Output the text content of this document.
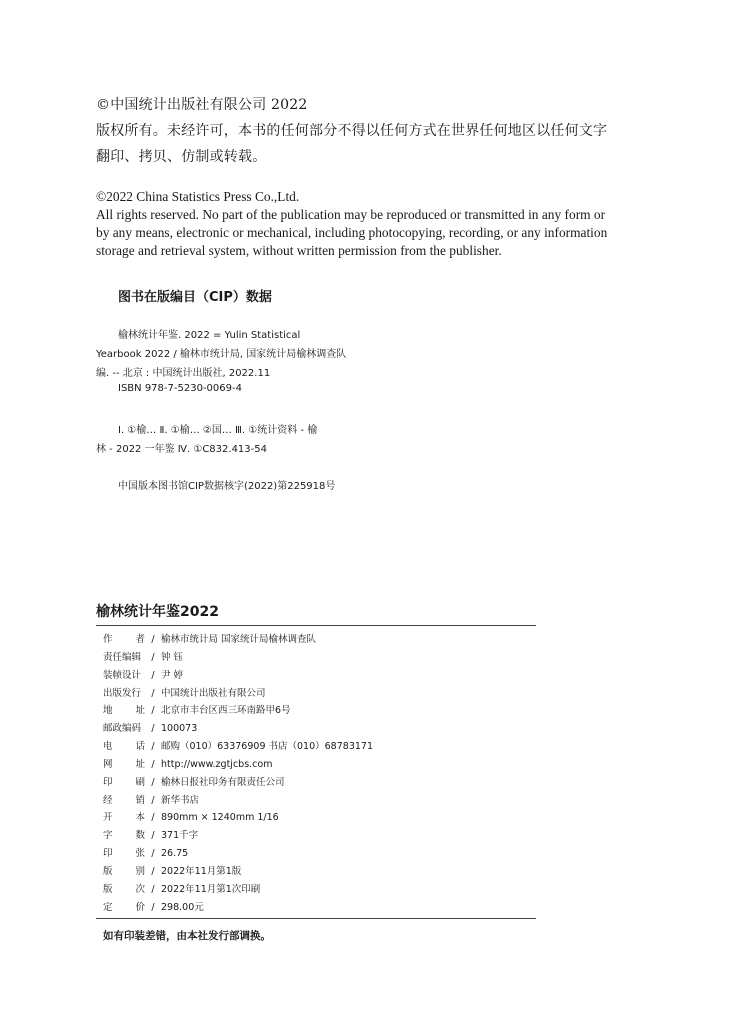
©中国统计出版社有限公司 2022
版权所有。未经许可，本书的任何部分不得以任何方式在世界任何地区以任何文字
翻印、拷贝、仿制或转载。
©2022 China Statistics Press Co.,Ltd.
All rights reserved. No part of the publication may be reproduced or transmitted in any form or
by any means, electronic or mechanical, including photocopying, recording, or any information
storage and retrieval system, without written permission from the publisher.
图书在版编目（CIP）数据
榆林统计年鉴. 2022 = Yulin Statistical
Yearbook 2022 / 榆林市统计局, 国家统计局榆林调查队
编. -- 北京 : 中国统计出版社, 2022.11
ISBN 978-7-5230-0069-4
Ⅰ. ①榆… Ⅱ. ①榆… ②国… Ⅲ. ①统计资料 - 榆
林 - 2022 一年鉴 Ⅳ. ①C832.413-54
中国版本图书馆CIP数据核字(2022)第225918号
榆林统计年鉴2022
作 者 / 榆林市统计局 国家统计局榆林调查队
责任编辑	/ 钟 钰
装帧设计	/ 尹 婷
出版发行	/ 中国统计出版社有限公司
地 址 / 北京市丰台区西三环南路甲6号
邮政编码	/ 100073
电 话 / 邮购（010）63376909 书店（010）68783171
网 址 / http://www.zgtjcbs.com
印 刷 / 榆林日报社印务有限责任公司
经 销 / 新华书店
开 本 / 890mm × 1240mm 1/16
字 数 / 371千字
印 张 / 26.75
版 别 / 2022年11月第1版
版 次 / 2022年11月第1次印刷
定 价 / 298.00元
如有印装差错，由本社发行部调换。
